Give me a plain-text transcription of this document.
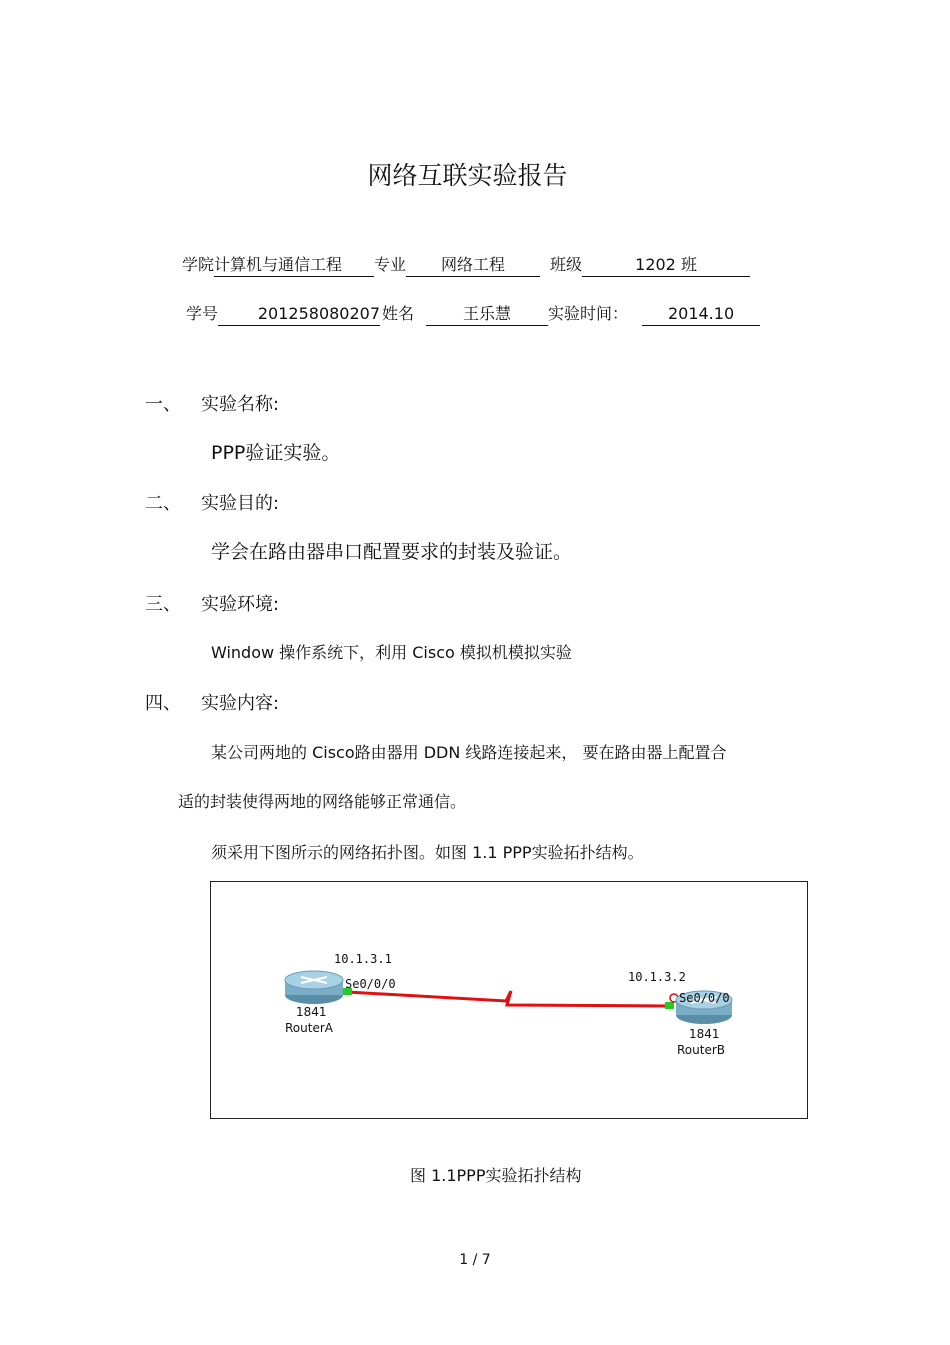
网络互联实验报告
学院计算机与通信工程 专业 网络工程	班级	1202 班
学号 201258080207 姓名	王乐慧 实验时间： 2014.10
一、 实验名称:
PPP验证实验。
二、 实验目的:
学会在路由器串口配置要求的封装及验证。
三、 实验环境:
Window 操作系统下，利用 Cisco 模拟机模拟实验
四、 实验内容:
某公司两地的 Cisco路由器用 DDN 线路连接起来， 要在路由器上配置合
适的封装使得两地的网络能够正常通信。
须采用下图所示的网络拓扑图。如图 1.1 PPP实验拓扑结构。
10.1.3.1
Se0/0/0
1841
RouterA
10.1.3.2
Se0/0/0
1841
RouterB
图 1.1PPP实验拓扑结构
1 / 7
